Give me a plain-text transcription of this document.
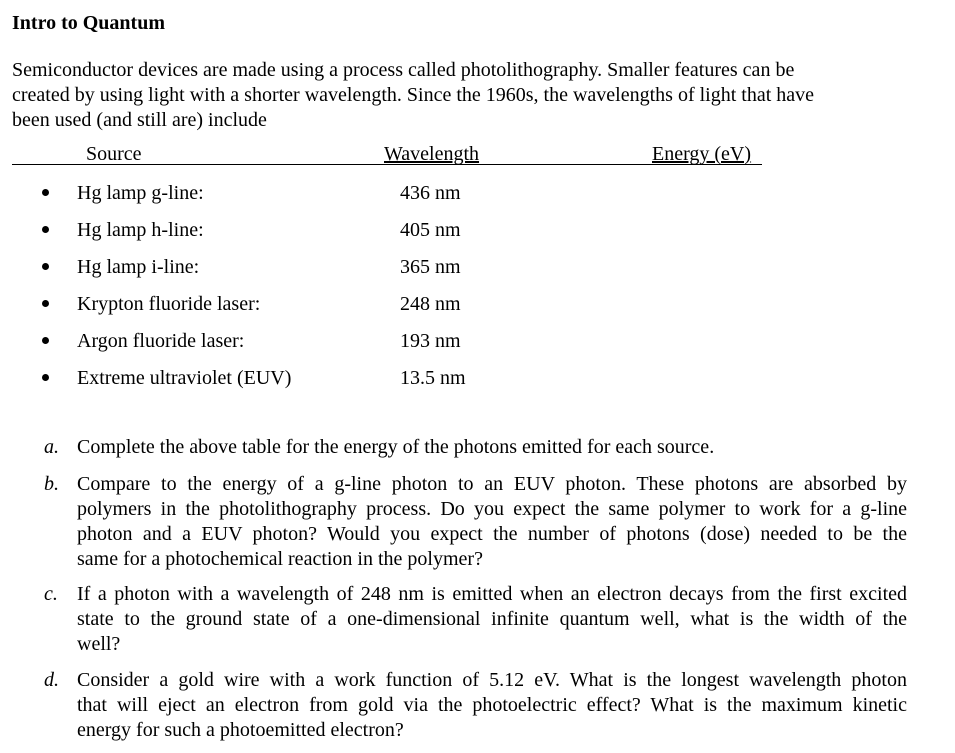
Intro to Quantum
Semiconductor devices are made using a process called photolithography. Smaller features can be
created by using light with a shorter wavelength. Since the 1960s, the wavelengths of light that have
been used (and still are) include
Source	Wavelength	Energy (eV)
Hg lamp g-line:	436 nm
Hg lamp h-line:	405 nm
Hg lamp i-line:	365 nm
Krypton fluoride laser:	248 nm
Argon fluoride laser:	193 nm
Extreme ultraviolet (EUV)	13.5 nm
a. Complete the above table for the energy of the photons emitted for each source.
b. Compare to the energy of a g-line photon to an EUV photon. These photons are absorbed by
polymers in the photolithography process. Do you expect the same polymer to work for a g-line
photon and a EUV photon? Would you expect the number of photons (dose) needed to be the
same for a photochemical reaction in the polymer?
c. If a photon with a wavelength of 248 nm is emitted when an electron decays from the first excited
state to the ground state of a one-dimensional infinite quantum well, what is the width of the
well?
d. Consider a gold wire with a work function of 5.12 eV. What is the longest wavelength photon
that will eject an electron from gold via the photoelectric effect? What is the maximum kinetic
energy for such a photoemitted electron?
